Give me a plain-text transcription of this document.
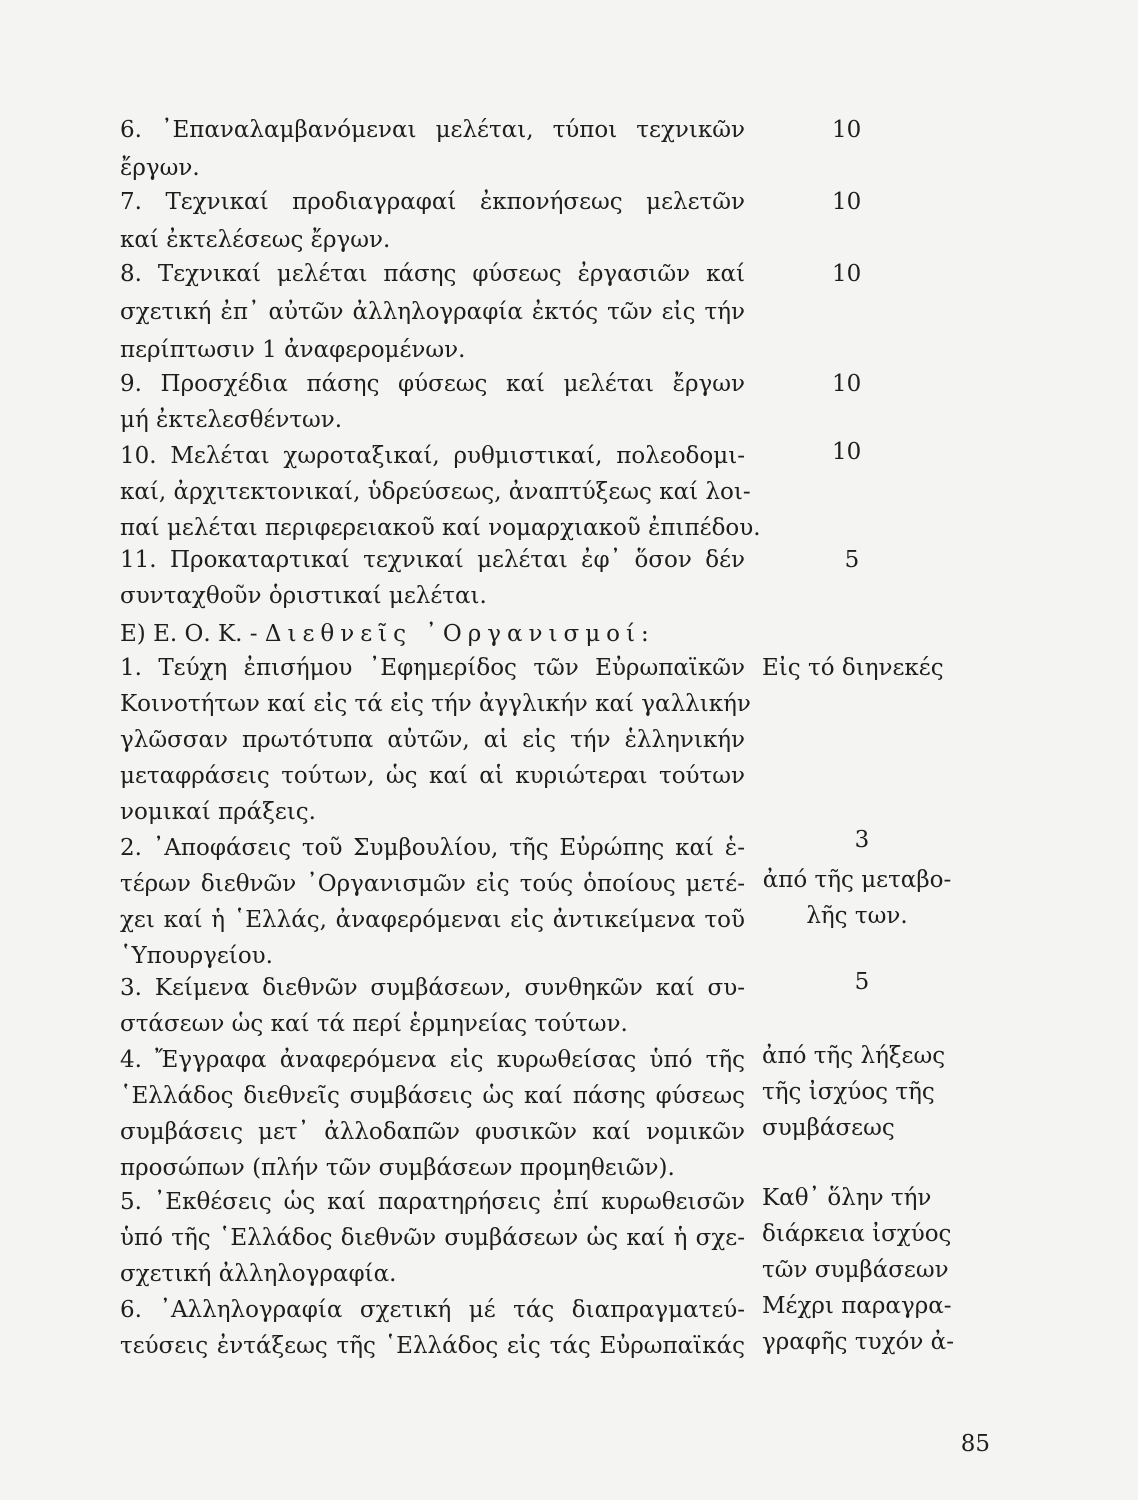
6. ᾿Επαναλαμβανόμεναι μελέται, τύποι τεχνικῶν
ἔργων.
10
7. Τεχνικαί προδιαγραφαί ἐκπονήσεως μελετῶν
καί ἐκτελέσεως ἔργων.
10
8. Τεχνικαί μελέται πάσης φύσεως ἐργασιῶν καί
σχετική ἐπ᾿ αὐτῶν ἀλληλογραφία ἐκτός τῶν εἰς τήν
περίπτωσιν 1 ἀναφερομένων.
10
9. Προσχέδια πάσης φύσεως καί μελέται ἔργων
μή ἐκτελεσθέντων.
10
10. Μελέται χωροταξικαί, ρυθμιστικαί, πολεοδομι-
καί, ἀρχιτεκτονικαί, ὑδρεύσεως, ἀναπτύξεως καί λοι-
παί μελέται περιφερειακοῦ καί νομαρχιακοῦ ἐπιπέδου.
10
11. Προκαταρτικαί τεχνικαί μελέται ἐφ᾿ ὅσον δέν
συνταχθοῦν ὁριστικαί μελέται.
5
Ε) Ε. Ο. Κ. - Διεθνεῖς ᾿Οργανισμοί:
1. Τεύχη ἐπισήμου ᾿Εφημερίδος τῶν Εὐρωπαϊκῶν
Κοινοτήτων καί εἰς τά εἰς τήν ἀγγλικήν καί γαλλικήν
γλῶσσαν πρωτότυπα αὐτῶν, αἱ εἰς τήν ἑλληνικήν
μεταφράσεις τούτων, ὡς καί αἱ κυριώτεραι τούτων
νομικαί πράξεις.
Εἰς τό διηνεκές
2. ᾿Αποφάσεις τοῦ Συμβουλίου, τῆς Εὐρώπης καί ἑ-
τέρων διεθνῶν ᾿Οργανισμῶν εἰς τούς ὁποίους μετέ-
χει καί ἡ ῾Ελλάς, ἀναφερόμεναι εἰς ἀντικείμενα τοῦ
῾Υπουργείου.
3
ἀπό τῆς μεταβο-
λῆς των.
3. Κείμενα διεθνῶν συμβάσεων, συνθηκῶν καί συ-
στάσεων ὡς καί τά περί ἑρμηνείας τούτων.
5
4. Ἔγγραφα ἀναφερόμενα εἰς κυρωθείσας ὑπό τῆς
῾Ελλάδος διεθνεῖς συμβάσεις ὡς καί πάσης φύσεως
συμβάσεις μετ᾿ ἀλλοδαπῶν φυσικῶν καί νομικῶν
προσώπων (πλήν τῶν συμβάσεων προμηθειῶν).
ἀπό τῆς λήξεως
τῆς ἰσχύος τῆς
συμβάσεως
5. ᾿Εκθέσεις ὡς καί παρατηρήσεις ἐπί κυρωθεισῶν
ὑπό τῆς ῾Ελλάδος διεθνῶν συμβάσεων ὡς καί ἡ σχε-
σχετική ἀλληλογραφία.
Καθ᾿ ὅλην τήν
διάρκεια ἰσχύος
τῶν συμβάσεων
6. ᾿Αλληλογραφία σχετική μέ τάς διαπραγματεύ-
τεύσεις ἐντάξεως τῆς ῾Ελλάδος εἰς τάς Εὐρωπαϊκάς
Μέχρι παραγρα-
γραφῆς τυχόν ἀ-
85
